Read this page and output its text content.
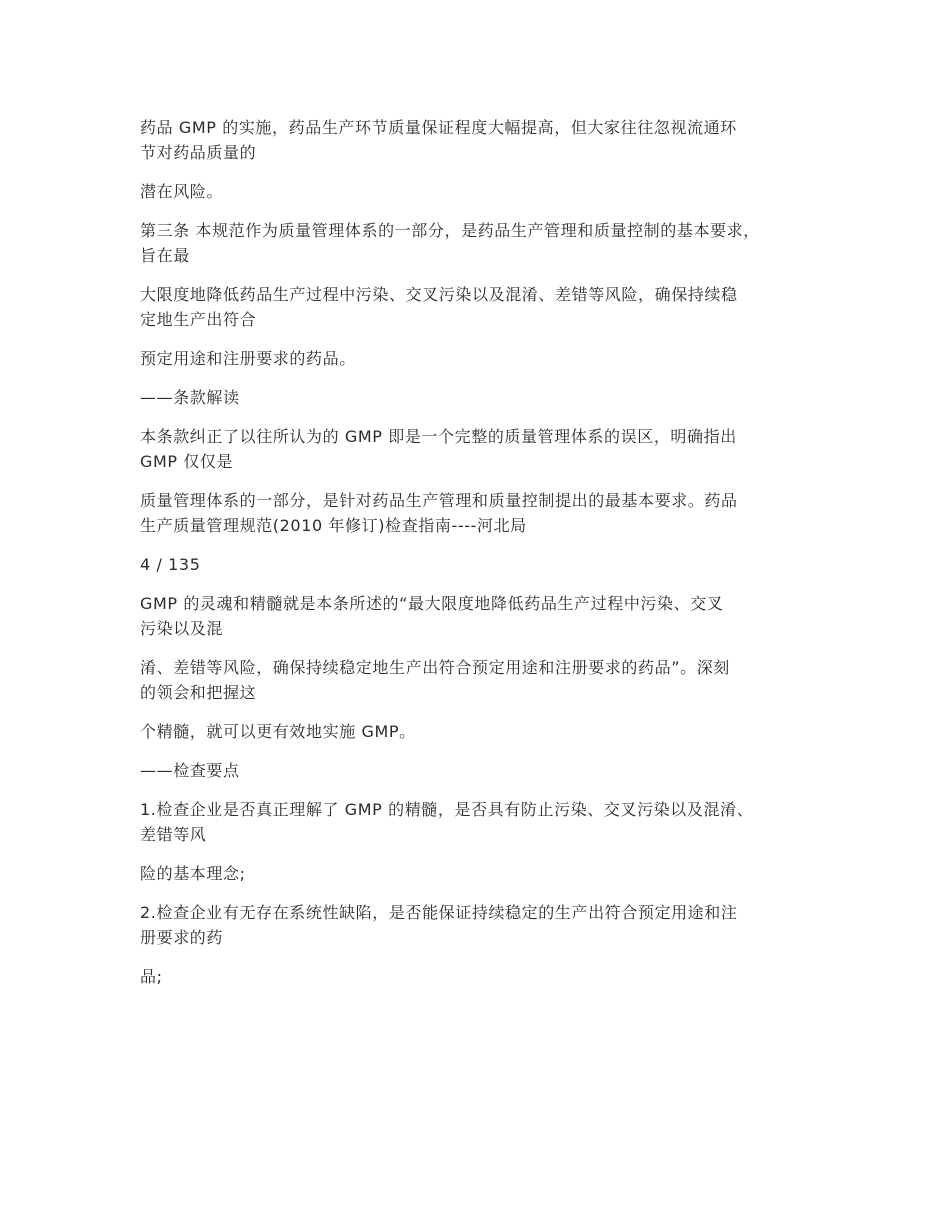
药品 GMP 的实施，药品生产环节质量保证程度大幅提高，但大家往往忽视流通环
节对药品质量的

潜在风险。

第三条 本规范作为质量管理体系的一部分，是药品生产管理和质量控制的基本要求，
旨在最

大限度地降低药品生产过程中污染、交叉污染以及混淆、差错等风险，确保持续稳
定地生产出符合

预定用途和注册要求的药品。

——条款解读

本条款纠正了以往所认为的 GMP 即是一个完整的质量管理体系的误区，明确指出
GMP 仅仅是

质量管理体系的一部分，是针对药品生产管理和质量控制提出的最基本要求。药品
生产质量管理规范(2010 年修订)检查指南----河北局

4 / 135

GMP 的灵魂和精髓就是本条所述的“最大限度地降低药品生产过程中污染、交叉
污染以及混

淆、差错等风险，确保持续稳定地生产出符合预定用途和注册要求的药品”。深刻
的领会和把握这

个精髓，就可以更有效地实施 GMP。

——检查要点

1.检查企业是否真正理解了 GMP 的精髓，是否具有防止污染、交叉污染以及混淆、
差错等风

险的基本理念;

2.检查企业有无存在系统性缺陷，是否能保证持续稳定的生产出符合预定用途和注
册要求的药

品;
